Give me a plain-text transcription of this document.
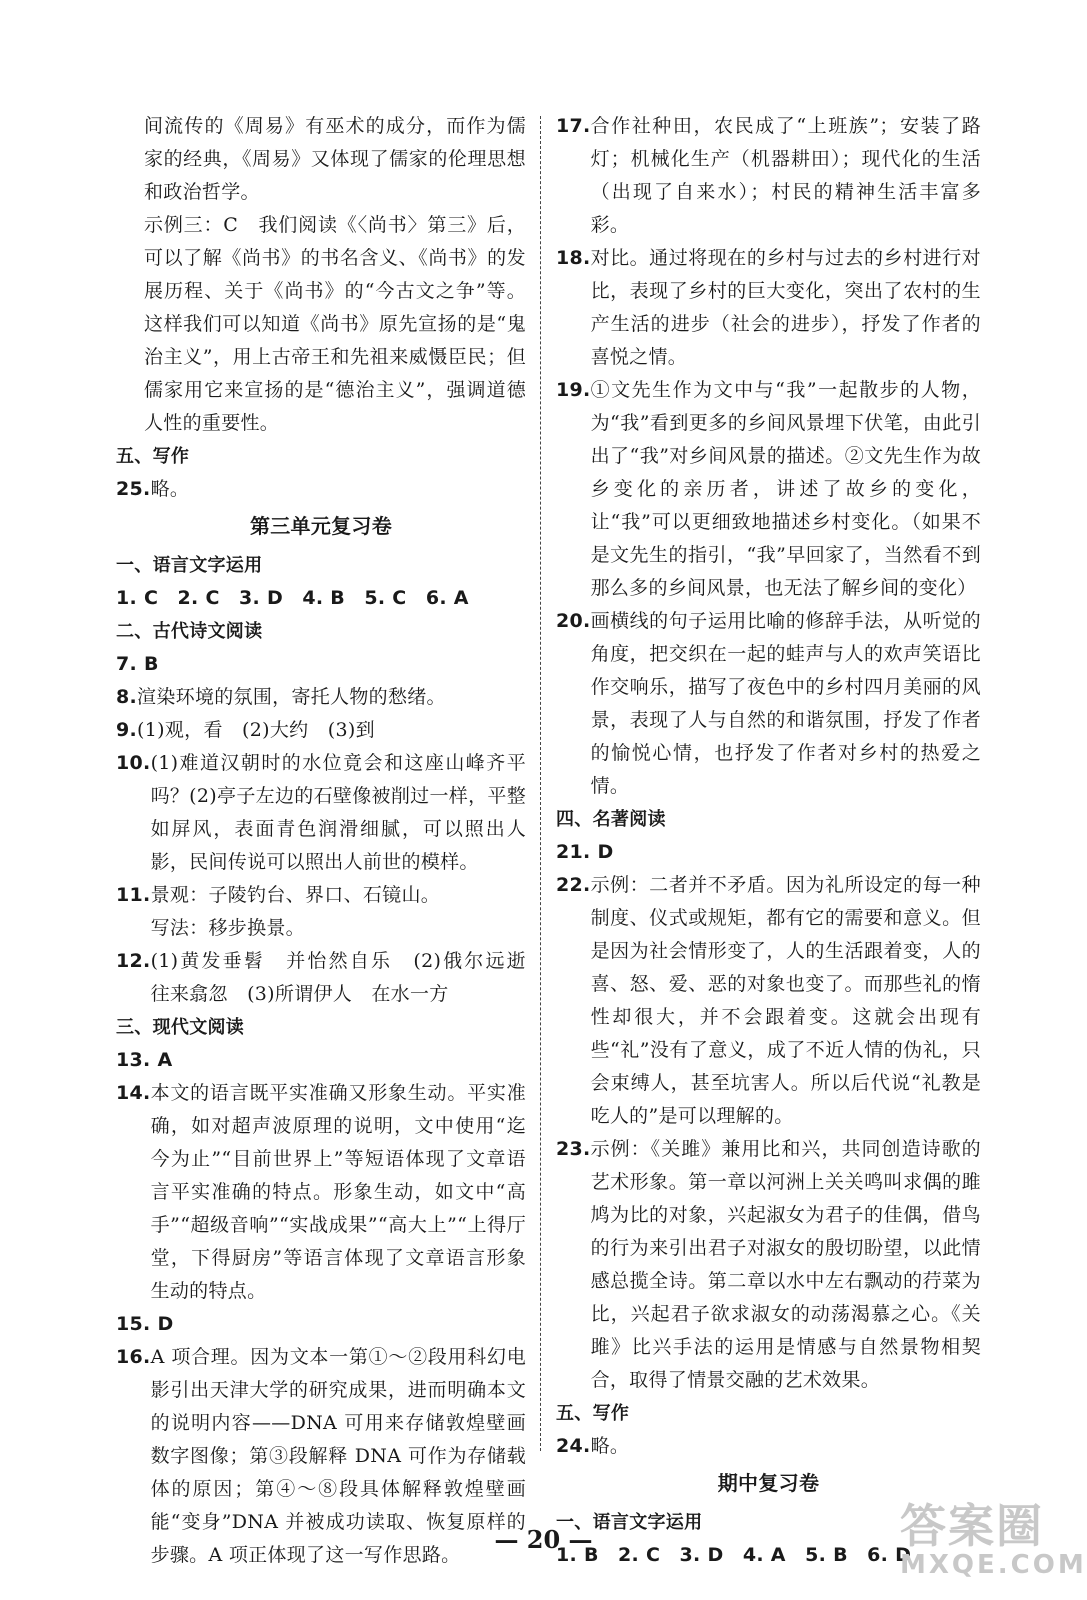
间流传的《周易》有巫术的成分，而作为儒家的经典，《周易》又体现了儒家的伦理思想和政治哲学。
示例三：C　我们阅读《〈尚书〉第三》后，可以了解《尚书》的书名含义、《尚书》的发展历程、关于《尚书》的“今古文之争”等。这样我们可以知道《尚书》原先宣扬的是“鬼治主义”，用上古帝王和先祖来威慑臣民；但儒家用它来宣扬的是“德治主义”，强调道德人性的重要性。
五、写作
25. 略。
第三单元复习卷
一、语言文字运用
1. C　2. C　3. D　4. B　5. C　6. A
二、古代诗文阅读
7. B
8. 渲染环境的氛围，寄托人物的愁绪。
9. (1)观，看　(2)大约　(3)到
10. (1)难道汉朝时的水位竟会和这座山峰齐平吗？(2)亭子左边的石壁像被削过一样，平整如屏风，表面青色润滑细腻，可以照出人影，民间传说可以照出人前世的模样。
11. 景观：子陵钓台、界口、石镜山。
写法：移步换景。
12. (1)黄发垂髫　并怡然自乐　(2)俄尔远逝　往来翕忽　(3)所谓伊人　在水一方
三、现代文阅读
13. A
14. 本文的语言既平实准确又形象生动。平实准确，如对超声波原理的说明，文中使用“迄今为止”“目前世界上”等短语体现了文章语言平实准确的特点。形象生动，如文中“高手”“超级音响”“实战成果”“高大上”“上得厅堂，下得厨房”等语言体现了文章语言形象生动的特点。
15. D
16. A 项合理。因为文本一第①～②段用科幻电影引出天津大学的研究成果，进而明确本文的说明内容——DNA 可用来存储敦煌壁画数字图像；第③段解释 DNA 可作为存储载体的原因；第④～⑧段具体解释敦煌壁画能“变身”DNA 并被成功读取、恢复原样的步骤。A 项正体现了这一写作思路。
17. 合作社种田，农民成了“上班族”；安装了路灯；机械化生产（机器耕田）；现代化的生活（出现了自来水）；村民的精神生活丰富多彩。
18. 对比。通过将现在的乡村与过去的乡村进行对比，表现了乡村的巨大变化，突出了农村的生产生活的进步（社会的进步），抒发了作者的喜悦之情。
19. ①文先生作为文中与“我”一起散步的人物，为“我”看到更多的乡间风景埋下伏笔，由此引出了“我”对乡间风景的描述。②文先生作为故乡变化的亲历者，讲述了故乡的变化，让“我”可以更细致地描述乡村变化。（如果不是文先生的指引，“我”早回家了，当然看不到那么多的乡间风景，也无法了解乡间的变化）
20. 画横线的句子运用比喻的修辞手法，从听觉的角度，把交织在一起的蛙声与人的欢声笑语比作交响乐，描写了夜色中的乡村四月美丽的风景，表现了人与自然的和谐氛围，抒发了作者的愉悦心情，也抒发了作者对乡村的热爱之情。
四、名著阅读
21. D
22. 示例：二者并不矛盾。因为礼所设定的每一种制度、仪式或规矩，都有它的需要和意义。但是因为社会情形变了，人的生活跟着变，人的喜、怒、爱、恶的对象也变了。而那些礼的惰性却很大，并不会跟着变。这就会出现有些“礼”没有了意义，成了不近人情的伪礼，只会束缚人，甚至坑害人。所以后代说“礼教是吃人的”是可以理解的。
23. 示例：《关雎》兼用比和兴，共同创造诗歌的艺术形象。第一章以河洲上关关鸣叫求偶的雎鸠为比的对象，兴起淑女为君子的佳偶，借鸟的行为来引出君子对淑女的殷切盼望，以此情感总揽全诗。第二章以水中左右飘动的荇菜为比，兴起君子欲求淑女的动荡渴慕之心。《关雎》比兴手法的运用是情感与自然景物相契合，取得了情景交融的艺术效果。
五、写作
24. 略。
期中复习卷
一、语言文字运用
1. B　2. C　3. D　4. A　5. B　6. D
— 20 —	答案圈
MXQE.COM
